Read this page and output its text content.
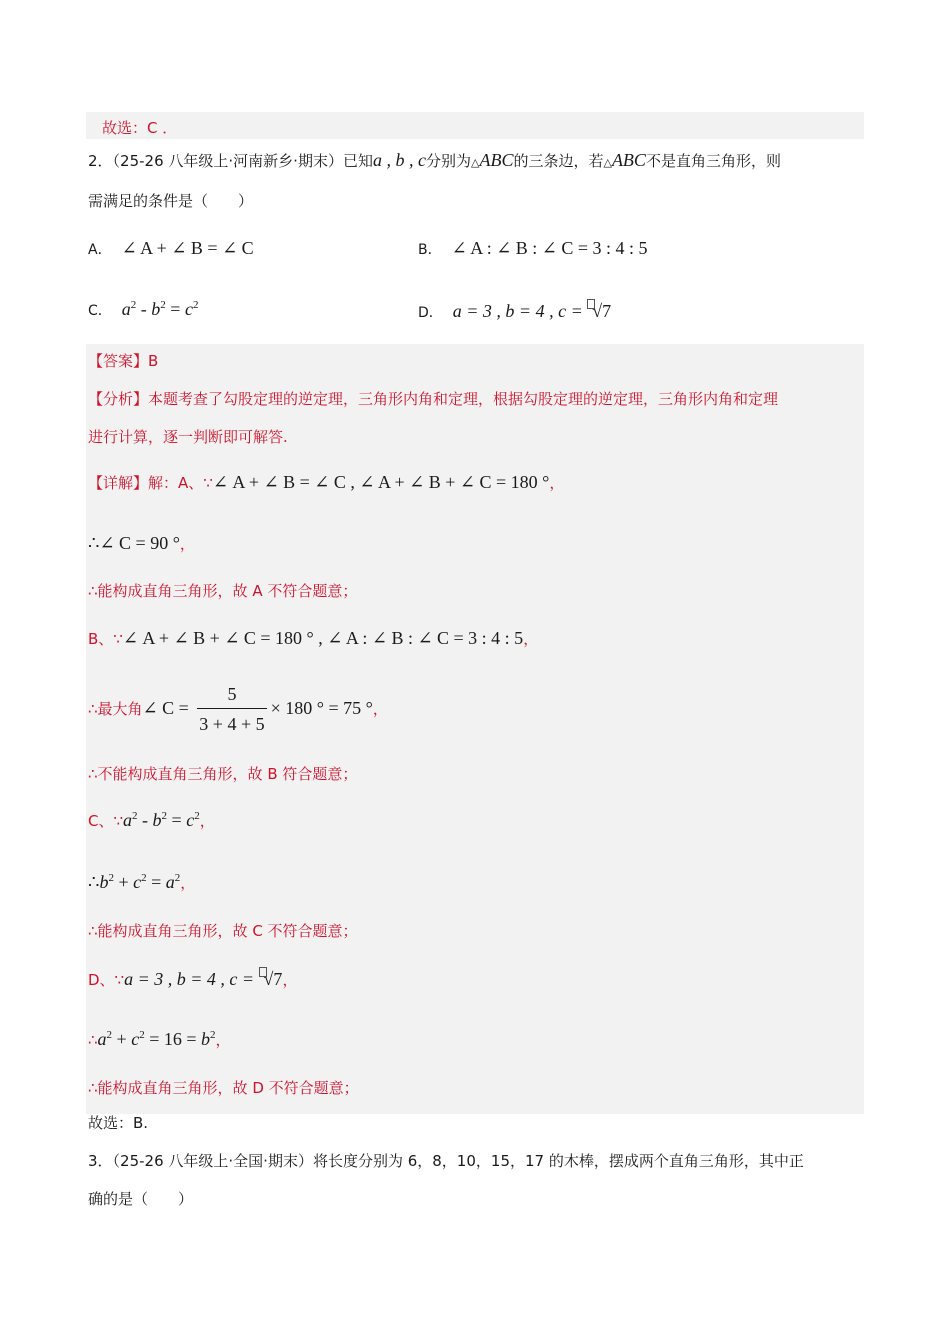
故选：C ．
2．（25-26 八年级上·河南新乡·期末）已知a , b , c分别为△ABC的三条边，若△ABC不是直角三角形，则
需满足的条件是（　　）
A． ∠ A + ∠ B = ∠ C	B． ∠ A : ∠ B : ∠ C = 3 : 4 : 5
C． $a^2 - b^2 = c^2$	D． a = 3 , b = 4 , c = √7
【答案】B
【分析】本题考查了勾股定理的逆定理，三角形内角和定理，根据勾股定理的逆定理，三角形内角和定理
进行计算，逐一判断即可解答.
【详解】解：A、∵∠ A + ∠ B = ∠ C , ∠ A + ∠ B + ∠ C = 180 °，
∴∠ C = 90 °，
∴能构成直角三角形，故 A 不符合题意；
B、∵∠ A + ∠ B + ∠ C = 180 ° , ∠ A : ∠ B : ∠ C = 3 : 4 : 5，
∴最大角∠ $C = \frac{5}{3 + 4 + 5} \times 180$ ° = 75 °，
∴不能构成直角三角形，故 B 符合题意；
C、$\because a^2 - b^2 = c^2$，
$\therefore b^2 + c^2 = a^2$，
∴能构成直角三角形，故 C 不符合题意；
D、∵a = 3 , b = 4 , c = √7，
$\therefore a^2 + c^2 = 16 = b^2$，
∴能构成直角三角形，故 D 不符合题意；
故选：B.
3．（25-26 八年级上·全国·期末）将长度分别为 6，8，10，15，17 的木棒，摆成两个直角三角形，其中正
确的是（　　）
